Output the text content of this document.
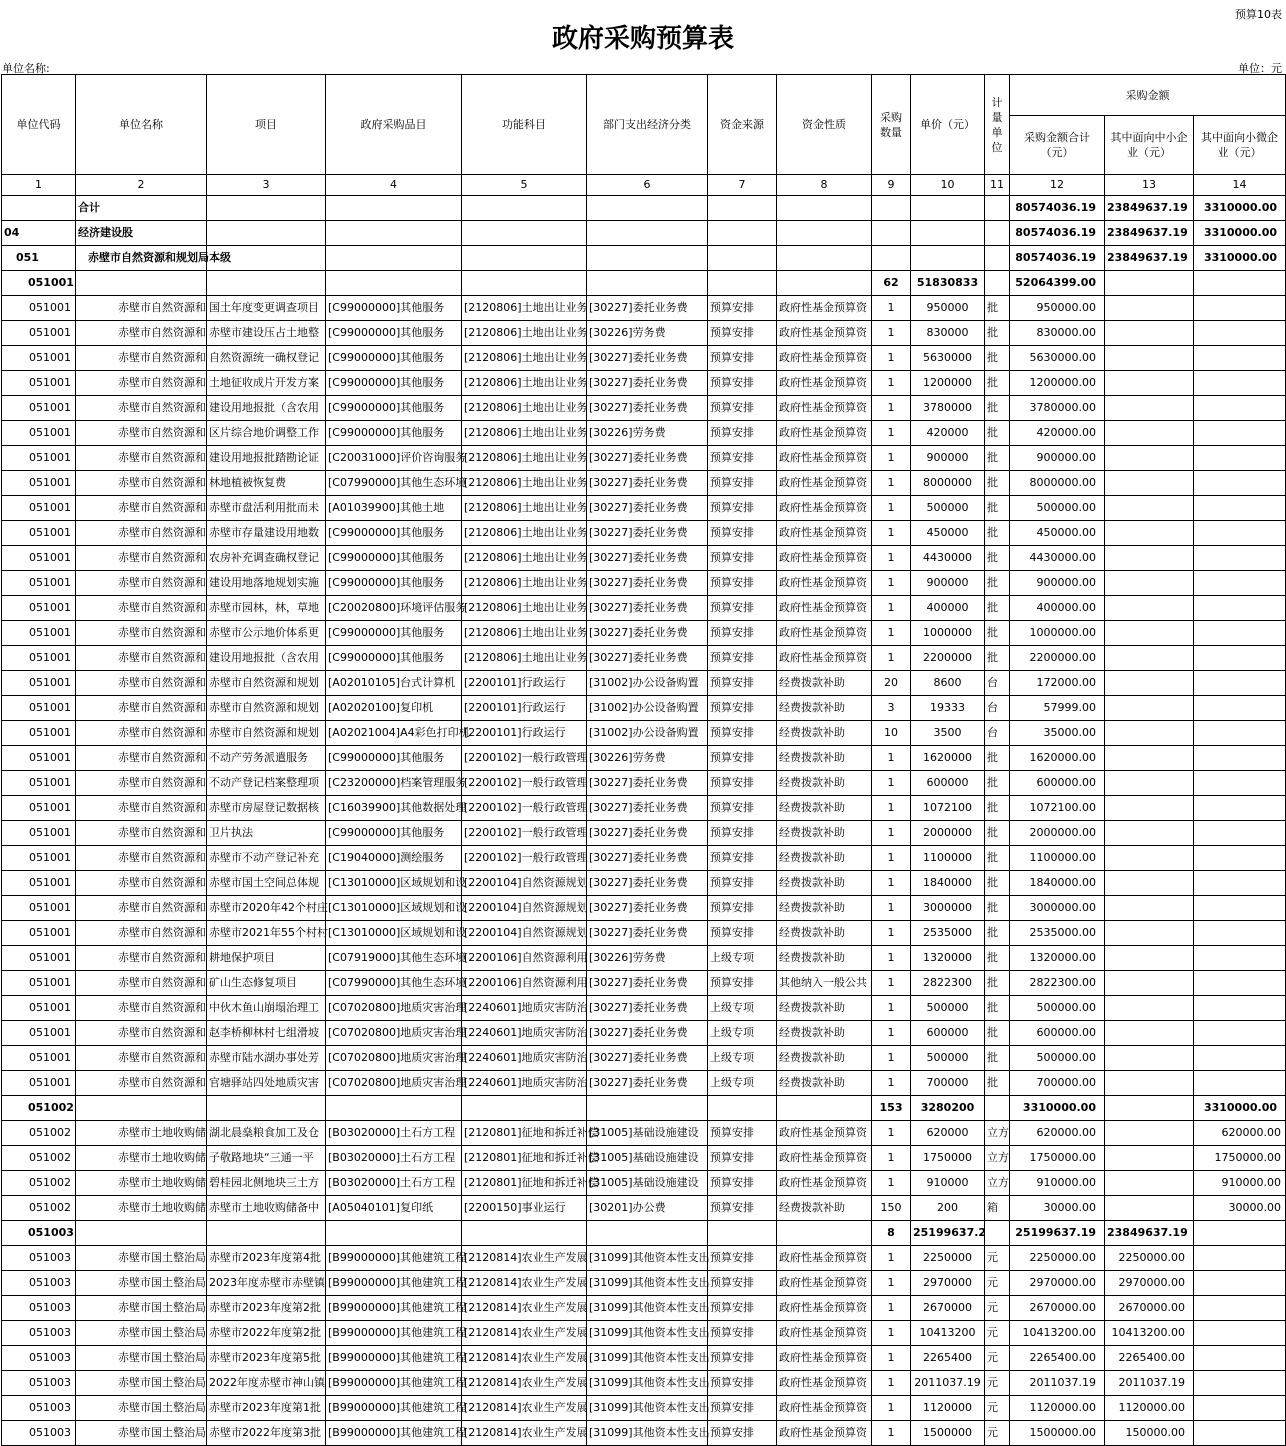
预算10表
政府采购预算表
单位名称:	单位：元
单位代码	单位名称	项目	政府采购品目	功能科目	部门支出经济分类	资金来源	资金性质	采购数量	单价（元）	计量单位	采购金额		
											采购金额合计（元）	其中面向中小企业（元）	其中面向小微企业（元）
1	2	3	4	5	6	7	8	9	10	11	12	13	14
	合计										80574036.19	23849637.19	3310000.00
04	经济建设股										80574036.19	23849637.19	3310000.00
051	赤壁市自然资源和规划局本级										80574036.19	23849637.19	3310000.00
051001								62	51830833		52064399.00		
051001	赤壁市自然资源和	国土年度变更调查项目	[C99000000]其他服务	[2120806]土地出让业务	[30227]委托业务费	预算安排	政府性基金预算资	1	950000	批	950000.00		
051001	赤壁市自然资源和	赤壁市建设压占土地整	[C99000000]其他服务	[2120806]土地出让业务	[30226]劳务费	预算安排	政府性基金预算资	1	830000	批	830000.00		
051001	赤壁市自然资源和	自然资源统一确权登记	[C99000000]其他服务	[2120806]土地出让业务	[30227]委托业务费	预算安排	政府性基金预算资	1	5630000	批	5630000.00		
051001	赤壁市自然资源和	土地征收成片开发方案	[C99000000]其他服务	[2120806]土地出让业务	[30227]委托业务费	预算安排	政府性基金预算资	1	1200000	批	1200000.00		
051001	赤壁市自然资源和	建设用地报批（含农用	[C99000000]其他服务	[2120806]土地出让业务	[30227]委托业务费	预算安排	政府性基金预算资	1	3780000	批	3780000.00		
051001	赤壁市自然资源和	区片综合地价调整工作	[C99000000]其他服务	[2120806]土地出让业务	[30226]劳务费	预算安排	政府性基金预算资	1	420000	批	420000.00		
051001	赤壁市自然资源和	建设用地报批踏勘论证	[C20031000]评价咨询服务	[2120806]土地出让业务	[30227]委托业务费	预算安排	政府性基金预算资	1	900000	批	900000.00		
051001	赤壁市自然资源和	林地植被恢复费	[C07990000]其他生态环境	[2120806]土地出让业务	[30227]委托业务费	预算安排	政府性基金预算资	1	8000000	批	8000000.00		
051001	赤壁市自然资源和	赤壁市盘活利用批而未	[A01039900]其他土地	[2120806]土地出让业务	[30227]委托业务费	预算安排	政府性基金预算资	1	500000	批	500000.00		
051001	赤壁市自然资源和	赤壁市存量建设用地数	[C99000000]其他服务	[2120806]土地出让业务	[30227]委托业务费	预算安排	政府性基金预算资	1	450000	批	450000.00		
051001	赤壁市自然资源和	农房补充调查确权登记	[C99000000]其他服务	[2120806]土地出让业务	[30227]委托业务费	预算安排	政府性基金预算资	1	4430000	批	4430000.00		
051001	赤壁市自然资源和	建设用地落地规划实施	[C99000000]其他服务	[2120806]土地出让业务	[30227]委托业务费	预算安排	政府性基金预算资	1	900000	批	900000.00		
051001	赤壁市自然资源和	赤壁市园林，林，草地	[C20020800]环境评估服务	[2120806]土地出让业务	[30227]委托业务费	预算安排	政府性基金预算资	1	400000	批	400000.00		
051001	赤壁市自然资源和	赤壁市公示地价体系更	[C99000000]其他服务	[2120806]土地出让业务	[30227]委托业务费	预算安排	政府性基金预算资	1	1000000	批	1000000.00		
051001	赤壁市自然资源和	建设用地报批（含农用	[C99000000]其他服务	[2120806]土地出让业务	[30227]委托业务费	预算安排	政府性基金预算资	1	2200000	批	2200000.00		
051001	赤壁市自然资源和	赤壁市自然资源和规划	[A02010105]台式计算机	[2200101]行政运行	[31002]办公设备购置	预算安排	经费拨款补助	20	8600	台	172000.00		
051001	赤壁市自然资源和	赤壁市自然资源和规划	[A02020100]复印机	[2200101]行政运行	[31002]办公设备购置	预算安排	经费拨款补助	3	19333	台	57999.00		
051001	赤壁市自然资源和	赤壁市自然资源和规划	[A02021004]A4彩色打印机	[2200101]行政运行	[31002]办公设备购置	预算安排	经费拨款补助	10	3500	台	35000.00		
051001	赤壁市自然资源和	不动产劳务派遣服务	[C99000000]其他服务	[2200102]一般行政管理	[30226]劳务费	预算安排	经费拨款补助	1	1620000	批	1620000.00		
051001	赤壁市自然资源和	不动产登记档案整理项	[C23200000]档案管理服务	[2200102]一般行政管理	[30227]委托业务费	预算安排	经费拨款补助	1	600000	批	600000.00		
051001	赤壁市自然资源和	赤壁市房屋登记数据核	[C16039900]其他数据处理	[2200102]一般行政管理	[30227]委托业务费	预算安排	经费拨款补助	1	1072100	批	1072100.00		
051001	赤壁市自然资源和	卫片执法	[C99000000]其他服务	[2200102]一般行政管理	[30227]委托业务费	预算安排	经费拨款补助	1	2000000	批	2000000.00		
051001	赤壁市自然资源和	赤壁市不动产登记补充	[C19040000]测绘服务	[2200102]一般行政管理	[30227]委托业务费	预算安排	经费拨款补助	1	1100000	批	1100000.00		
051001	赤壁市自然资源和	赤壁市国土空间总体规	[C13010000]区域规划和设	[2200104]自然资源规划	[30227]委托业务费	预算安排	经费拨款补助	1	1840000	批	1840000.00		
051001	赤壁市自然资源和	赤壁市2020年42个村庄	[C13010000]区域规划和设	[2200104]自然资源规划	[30227]委托业务费	预算安排	经费拨款补助	1	3000000	批	3000000.00		
051001	赤壁市自然资源和	赤壁市2021年55个村村	[C13010000]区域规划和设	[2200104]自然资源规划	[30227]委托业务费	预算安排	经费拨款补助	1	2535000	批	2535000.00		
051001	赤壁市自然资源和	耕地保护项目	[C07919000]其他生态环境	[2200106]自然资源利用	[30226]劳务费	上级专项	经费拨款补助	1	1320000	批	1320000.00		
051001	赤壁市自然资源和	矿山生态修复项目	[C07990000]其他生态环境	[2200106]自然资源利用	[30227]委托业务费	预算安排	其他纳入一般公共	1	2822300	批	2822300.00		
051001	赤壁市自然资源和	中伙木鱼山崩塌治理工	[C07020800]地质灾害治理	[2240601]地质灾害防治	[30227]委托业务费	上级专项	经费拨款补助	1	500000	批	500000.00		
051001	赤壁市自然资源和	赵李桥柳林村七组滑坡	[C07020800]地质灾害治理	[2240601]地质灾害防治	[30227]委托业务费	上级专项	经费拨款补助	1	600000	批	600000.00		
051001	赤壁市自然资源和	赤壁市陆水湖办事处芳	[C07020800]地质灾害治理	[2240601]地质灾害防治	[30227]委托业务费	上级专项	经费拨款补助	1	500000	批	500000.00		
051001	赤壁市自然资源和	官塘驿站四处地质灾害	[C07020800]地质灾害治理	[2240601]地质灾害防治	[30227]委托业务费	上级专项	经费拨款补助	1	700000	批	700000.00		
051002								153	3280200		3310000.00		3310000.00
051002	赤壁市土地收购储	湖北晨燊粮食加工及仓	[B03020000]土石方工程	[2120801]征地和拆迁补偿	[31005]基础设施建设	预算安排	政府性基金预算资	1	620000	立方	620000.00		620000.00
051002	赤壁市土地收购储	子敬路地块“三通一平	[B03020000]土石方工程	[2120801]征地和拆迁补偿	[31005]基础设施建设	预算安排	政府性基金预算资	1	1750000	立方	1750000.00		1750000.00
051002	赤壁市土地收购储	碧桂园北侧地块三土方	[B03020000]土石方工程	[2120801]征地和拆迁补偿	[31005]基础设施建设	预算安排	政府性基金预算资	1	910000	立方	910000.00		910000.00
051002	赤壁市土地收购储	赤壁市土地收购储备中	[A05040101]复印纸	[2200150]事业运行	[30201]办公费	预算安排	经费拨款补助	150	200	箱	30000.00		30000.00
051003								8	25199637.2		25199637.19	23849637.19	
051003	赤壁市国土整治局	赤壁市2023年度第4批	[B99000000]其他建筑工程	[2120814]农业生产发展	[31099]其他资本性支出	预算安排	政府性基金预算资	1	2250000	元	2250000.00	2250000.00	
051003	赤壁市国土整治局	2023年度赤壁市赤壁镇	[B99000000]其他建筑工程	[2120814]农业生产发展	[31099]其他资本性支出	预算安排	政府性基金预算资	1	2970000	元	2970000.00	2970000.00	
051003	赤壁市国土整治局	赤壁市2023年度第2批	[B99000000]其他建筑工程	[2120814]农业生产发展	[31099]其他资本性支出	预算安排	政府性基金预算资	1	2670000	元	2670000.00	2670000.00	
051003	赤壁市国土整治局	赤壁市2022年度第2批	[B99000000]其他建筑工程	[2120814]农业生产发展	[31099]其他资本性支出	预算安排	政府性基金预算资	1	10413200	元	10413200.00	10413200.00	
051003	赤壁市国土整治局	赤壁市2023年度第5批	[B99000000]其他建筑工程	[2120814]农业生产发展	[31099]其他资本性支出	预算安排	政府性基金预算资	1	2265400	元	2265400.00	2265400.00	
051003	赤壁市国土整治局	2022年度赤壁市神山镇	[B99000000]其他建筑工程	[2120814]农业生产发展	[31099]其他资本性支出	预算安排	政府性基金预算资	1	2011037.19	元	2011037.19	2011037.19	
051003	赤壁市国土整治局	赤壁市2023年度第1批	[B99000000]其他建筑工程	[2120814]农业生产发展	[31099]其他资本性支出	预算安排	政府性基金预算资	1	1120000	元	1120000.00	1120000.00	
051003	赤壁市国土整治局	赤壁市2022年度第3批	[B99000000]其他建筑工程	[2120814]农业生产发展	[31099]其他资本性支出	预算安排	政府性基金预算资	1	1500000	元	1500000.00	150000.00	
